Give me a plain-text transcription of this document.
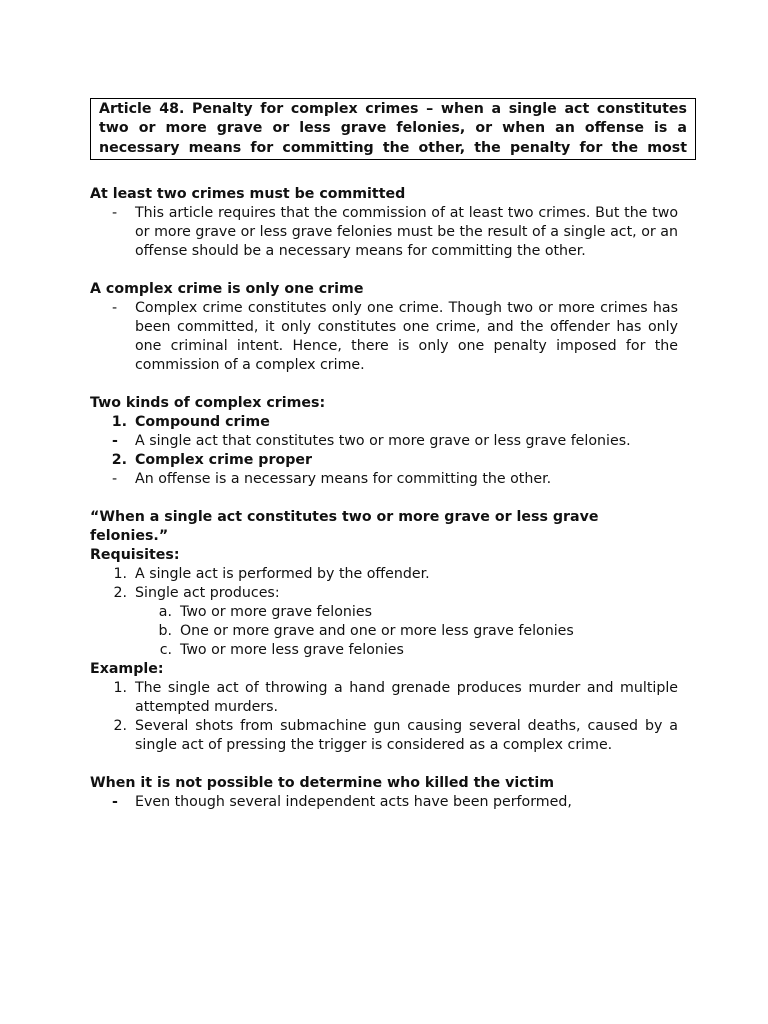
Article 48. Penalty for complex crimes – when a single act constitutes two or more grave or less grave felonies, or when an offense is a necessary means for committing the other, the penalty for the most

At least two crimes must be committed

-	This article requires that the commission of at least two crimes. But the two or more grave or less grave felonies must be the result of a single act, or an offense should be a necessary means for committing the other.

A complex crime is only one crime

-	Complex crime constitutes only one crime. Though two or more crimes has been committed, it only constitutes one crime, and the offender has only one criminal intent. Hence, there is only one penalty imposed for the commission of a complex crime.

Two kinds of complex crimes:

1. Compound crime
-	A single act that constitutes two or more grave or less grave felonies.
2. Complex crime proper
-	An offense is a necessary means for committing the other.

“When a single act constitutes two or more grave or less grave felonies.”

Requisites:

1. A single act is performed by the offender.
2. Single act produces:
a. Two or more grave felonies
b. One or more grave and one or more less grave felonies
c. Two or more less grave felonies

Example:

1. The single act of throwing a hand grenade produces murder and multiple attempted murders.
2. Several shots from submachine gun causing several deaths, caused by a single act of pressing the trigger is considered as a complex crime.

When it is not possible to determine who killed the victim

-	Even though several independent acts have been performed,
